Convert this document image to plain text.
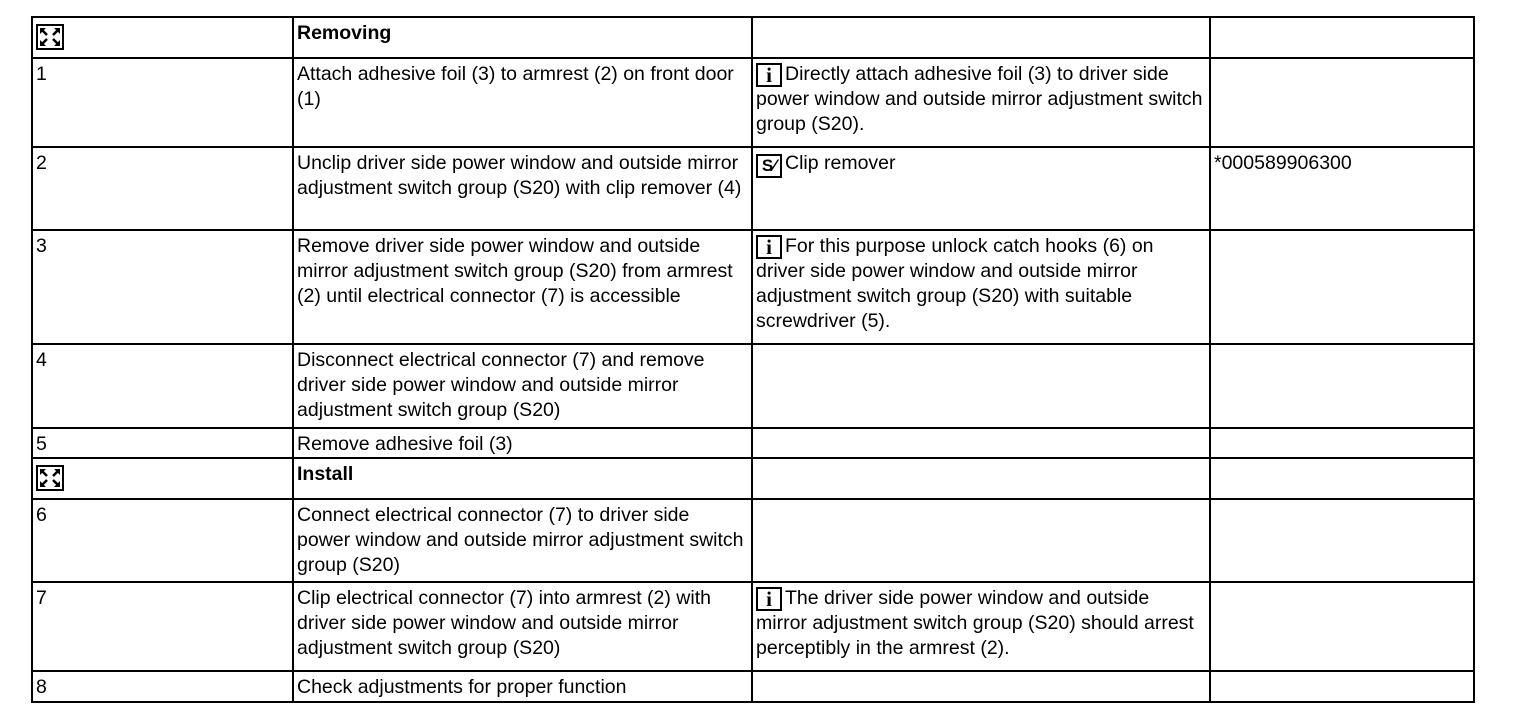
	Removing		
1	Attach adhesive foil (3) to armrest (2) on front door (1)	i Directly attach adhesive foil (3) to driver side power window and outside mirror adjustment switch group (S20).	
2	Unclip driver side power window and outside mirror adjustment switch group (S20) with clip remover (4)	S⁄ Clip remover	*000589906300
3	Remove driver side power window and outside mirror adjustment switch group (S20) from armrest (2) until electrical connector (7) is accessible	i For this purpose unlock catch hooks (6) on driver side power window and outside mirror adjustment switch group (S20) with suitable screwdriver (5).	
4	Disconnect electrical connector (7) and remove driver side power window and outside mirror adjustment switch group (S20)		
5	Remove adhesive foil (3)		
	Install		
6	Connect electrical connector (7) to driver side power window and outside mirror adjustment switch group (S20)		
7	Clip electrical connector (7) into armrest (2) with driver side power window and outside mirror adjustment switch group (S20)	i The driver side power window and outside mirror adjustment switch group (S20) should arrest perceptibly in the armrest (2).	
8	Check adjustments for proper function		
